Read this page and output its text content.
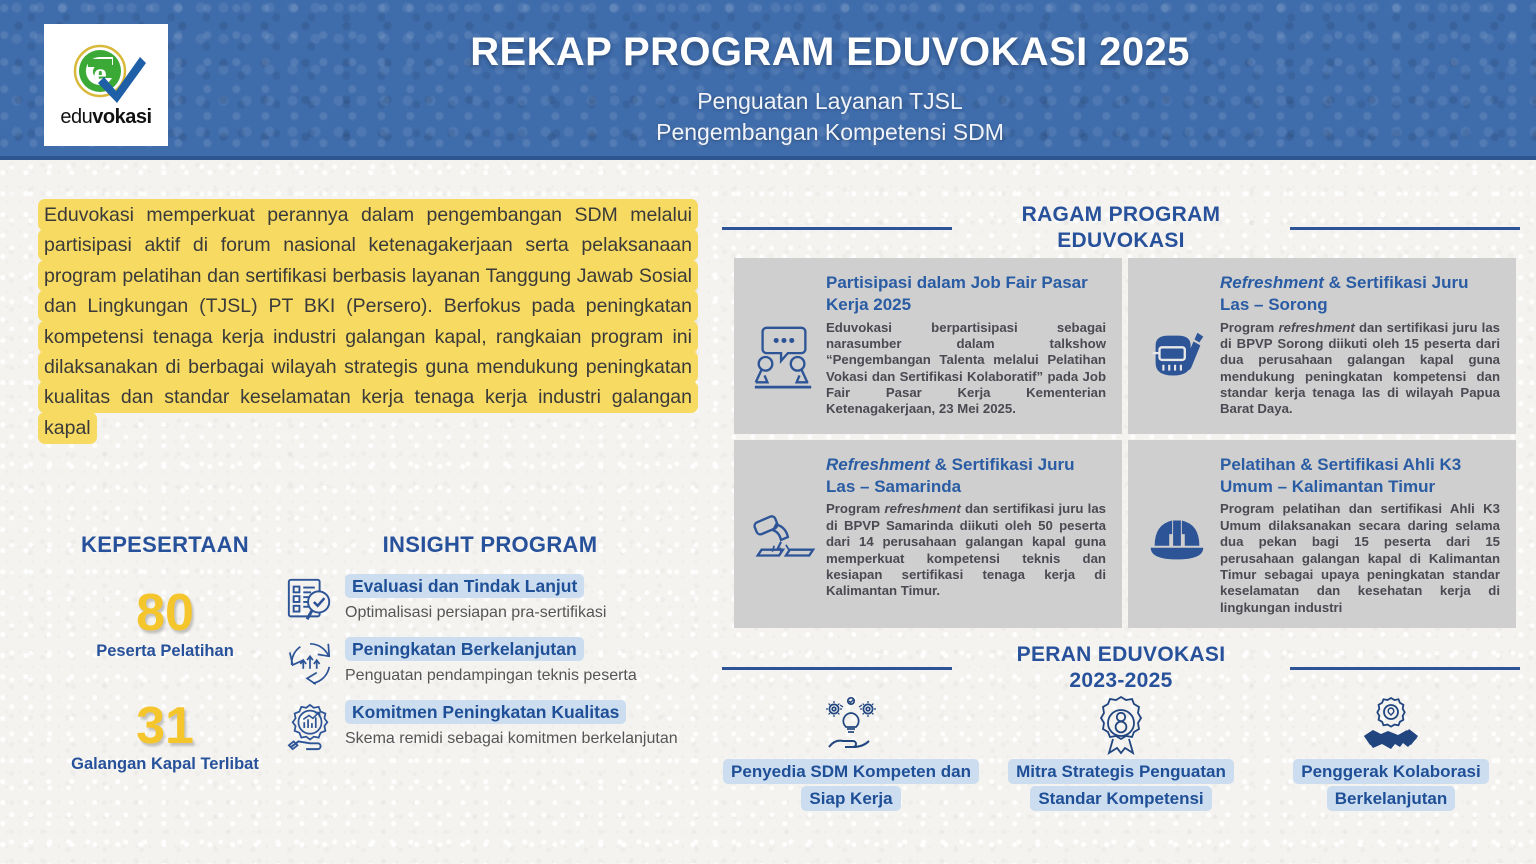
e
eduvokasi
REKAP PROGRAM EDUVOKASI 2025
Penguatan Layanan TJSL
Pengembangan Kompetensi SDM
Eduvokasi memperkuat perannya dalam pengembangan SDM melalui partisipasi aktif di forum nasional ketenagakerjaan serta pelaksanaan program pelatihan dan sertifikasi berbasis layanan Tanggung Jawab Sosial dan Lingkungan (TJSL) PT BKI (Persero). Berfokus pada peningkatan kompetensi tenaga kerja industri galangan kapal, rangkaian program ini dilaksanakan di berbagai wilayah strategis guna mendukung peningkatan kualitas dan standar keselamatan kerja tenaga kerja industri galangan kapal
KEPESERTAAN
80
Peserta Pelatihan
31
Galangan Kapal Terlibat
INSIGHT PROGRAM
Evaluasi dan Tindak Lanjut
Optimalisasi persiapan pra-sertifikasi
Peningkatan Berkelanjutan
Penguatan pendampingan teknis peserta
Komitmen Peningkatan Kualitas
Skema remidi sebagai komitmen berkelanjutan
RAGAM PROGRAM
EDUVOKASI
Partisipasi dalam Job Fair Pasar Kerja 2025
Eduvokasi berpartisipasi sebagai narasumber dalam talkshow “Pengembangan Talenta melalui Pelatihan Vokasi dan Sertifikasi Kolaboratif” pada Job Fair Pasar Kerja Kementerian Ketenagakerjaan, 23 Mei 2025.
Refreshment & Sertifikasi Juru Las – Sorong
Program refreshment dan sertifikasi juru las di BPVP Sorong diikuti oleh 15 peserta dari dua perusahaan galangan kapal guna mendukung peningkatan kompetensi dan standar kerja tenaga las di wilayah Papua Barat Daya.
Refreshment & Sertifikasi Juru Las – Samarinda
Program refreshment dan sertifikasi juru las di BPVP Samarinda diikuti oleh 50 peserta dari 14 perusahaan galangan kapal guna memperkuat kompetensi teknis dan kesiapan sertifikasi tenaga kerja di Kalimantan Timur.
Pelatihan & Sertifikasi Ahli K3 Umum – Kalimantan Timur
Program pelatihan dan sertifikasi Ahli K3 Umum dilaksanakan secara daring selama dua pekan bagi 15 peserta dari 15 perusahaan galangan kapal di Kalimantan Timur sebagai upaya peningkatan standar keselamatan dan kesehatan kerja di lingkungan industri
PERAN EDUVOKASI
2023-2025
Penyedia SDM Kompeten dan Siap Kerja
Mitra Strategis Penguatan Standar Kompetensi
Penggerak Kolaborasi Berkelanjutan
